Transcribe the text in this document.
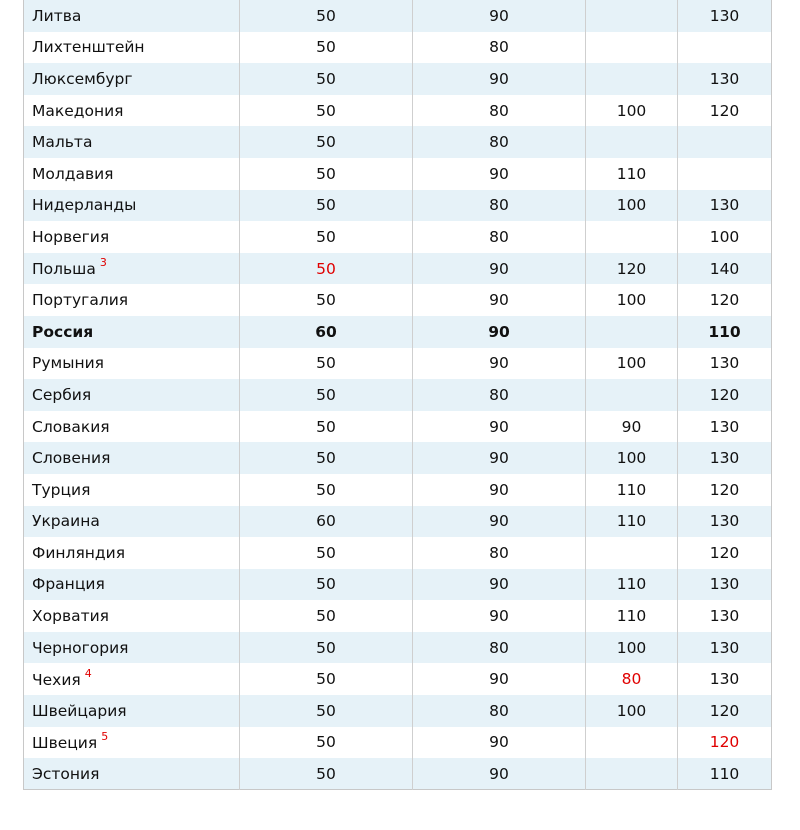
Литва	50	90		130
Лихтенштейн	50	80		
Люксембург	50	90		130
Македония	50	80	100	120
Мальта	50	80		
Молдавия	50	90	110	
Нидерланды	50	80	100	130
Норвегия	50	80		100
Польша $^3$	50	90	120	140
Португалия	50	90	100	120
Россия	60	90		110
Румыния	50	90	100	130
Сербия	50	80		120
Словакия	50	90	90	130
Словения	50	90	100	130
Турция	50	90	110	120
Украина	60	90	110	130
Финляндия	50	80		120
Франция	50	90	110	130
Хорватия	50	90	110	130
Черногория	50	80	100	130
Чехия $^4$	50	90	80	130
Швейцария	50	80	100	120
Швеция $^5$	50	90		120
Эстония	50	90		110
